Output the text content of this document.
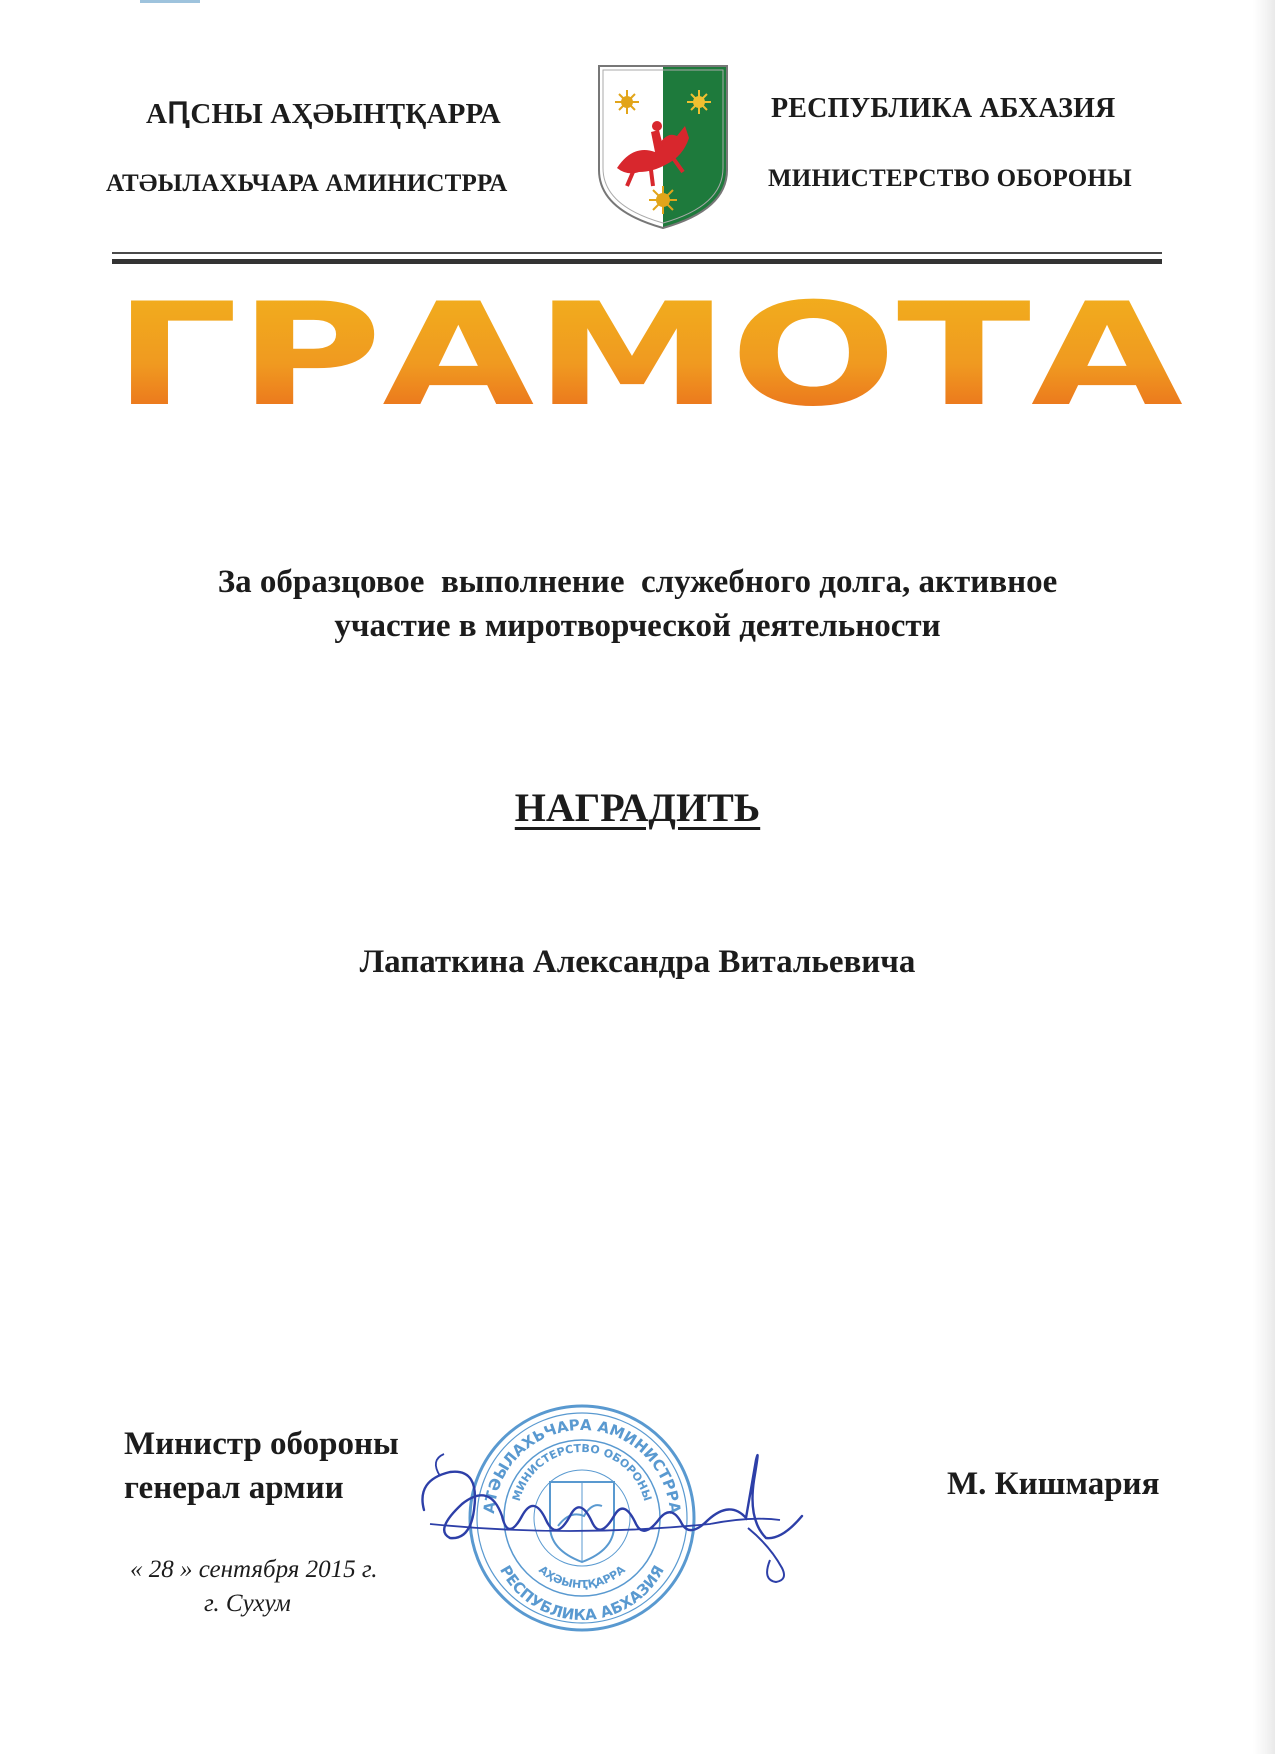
АԤСНЫ АҲӘЫНҬҚАРРА
АТӘЫЛАХЬЧАРА АМИНИСТРРА
РЕСПУБЛИКА АБХАЗИЯ
МИНИСТЕРСТВО ОБОРОНЫ
ГРАМОТА
За образцовое  выполнение  служебного долга, активное
участие в миротворческой деятельности
НАГРАДИТЬ
Лапаткина Александра Витальевича
АТӘЫЛАХЬЧАРА АМИНИСТРРА
РЕСПУБЛИКА АБХАЗИЯ
МИНИСТЕРСТВО ОБОРОНЫ
АҲӘЫНҬҚАРРА
Министр обороны
генерал армии	М. Кишмария
« 28 » сентября 2015 г.
г. Сухум
